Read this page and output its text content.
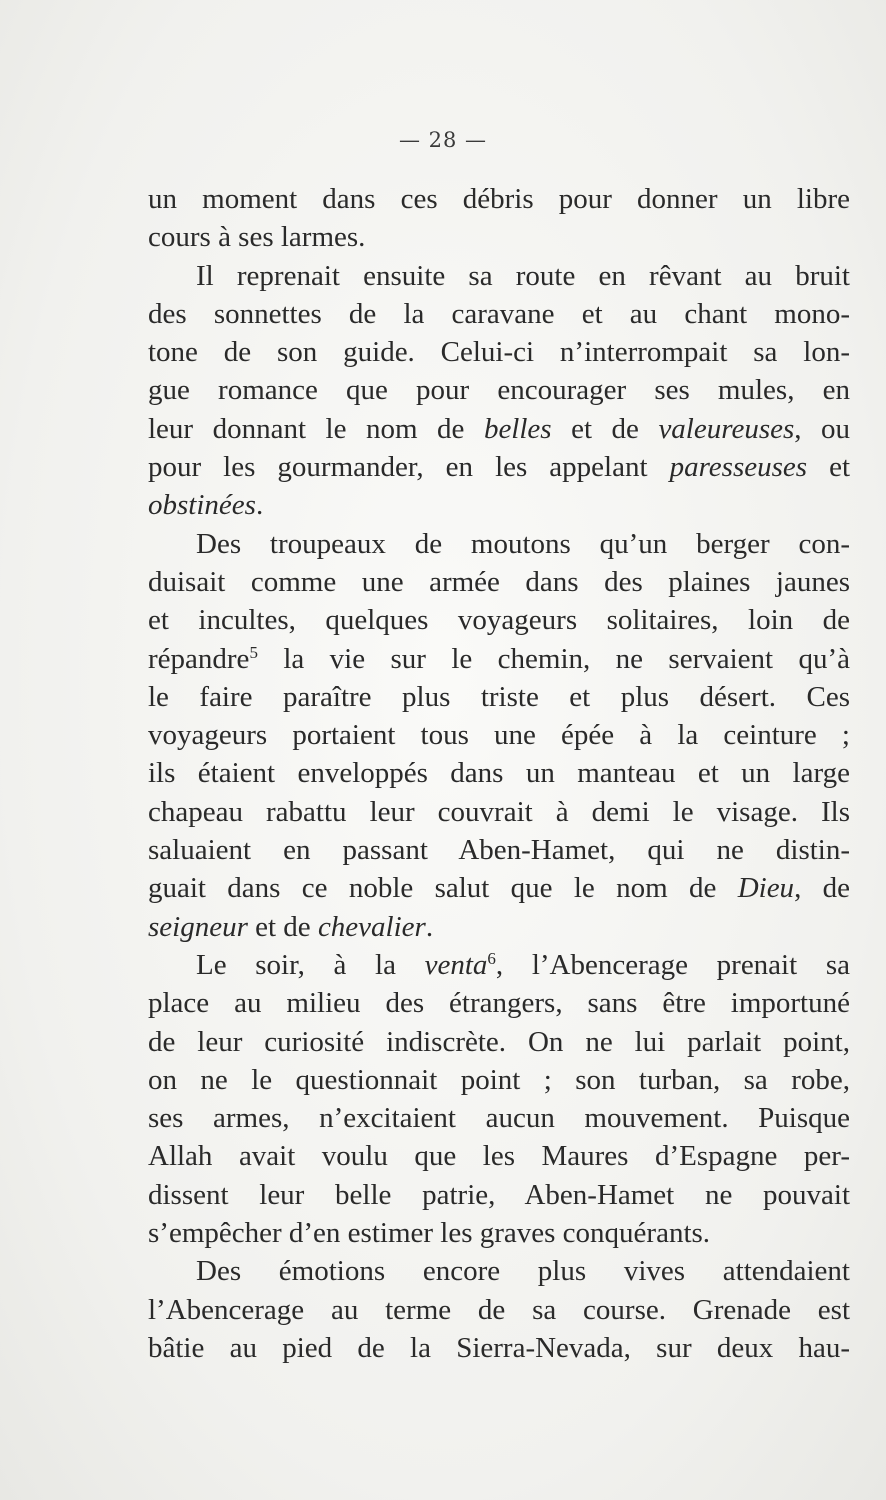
— 28 —
un moment dans ces débris pour donner un libre
cours à ses larmes.
Il reprenait ensuite sa route en rêvant au bruit
des sonnettes de la caravane et au chant mono-
tone de son guide. Celui-ci n’interrompait sa lon-
gue romance que pour encourager ses mules, en
leur donnant le nom de belles et de valeureuses, ou
pour les gourmander, en les appelant paresseuses et
obstinées.
Des troupeaux de moutons qu’un berger con-
duisait comme une armée dans des plaines jaunes
et incultes, quelques voyageurs solitaires, loin de
répandre$^5$ la vie sur le chemin, ne servaient qu’à
le faire paraître plus triste et plus désert. Ces
voyageurs portaient tous une épée à la ceinture ;
ils étaient enveloppés dans un manteau et un large
chapeau rabattu leur couvrait à demi le visage. Ils
saluaient en passant Aben-Hamet, qui ne distin-
guait dans ce noble salut que le nom de Dieu, de
seigneur et de chevalier.
Le soir, à la venta$^6$, l’Abencerage prenait sa
place au milieu des étrangers, sans être importuné
de leur curiosité indiscrète. On ne lui parlait point,
on ne le questionnait point ; son turban, sa robe,
ses armes, n’excitaient aucun mouvement. Puisque
Allah avait voulu que les Maures d’Espagne per-
dissent leur belle patrie, Aben-Hamet ne pouvait
s’empêcher d’en estimer les graves conquérants.
Des émotions encore plus vives attendaient
l’Abencerage au terme de sa course. Grenade est
bâtie au pied de la Sierra-Nevada, sur deux hau-
